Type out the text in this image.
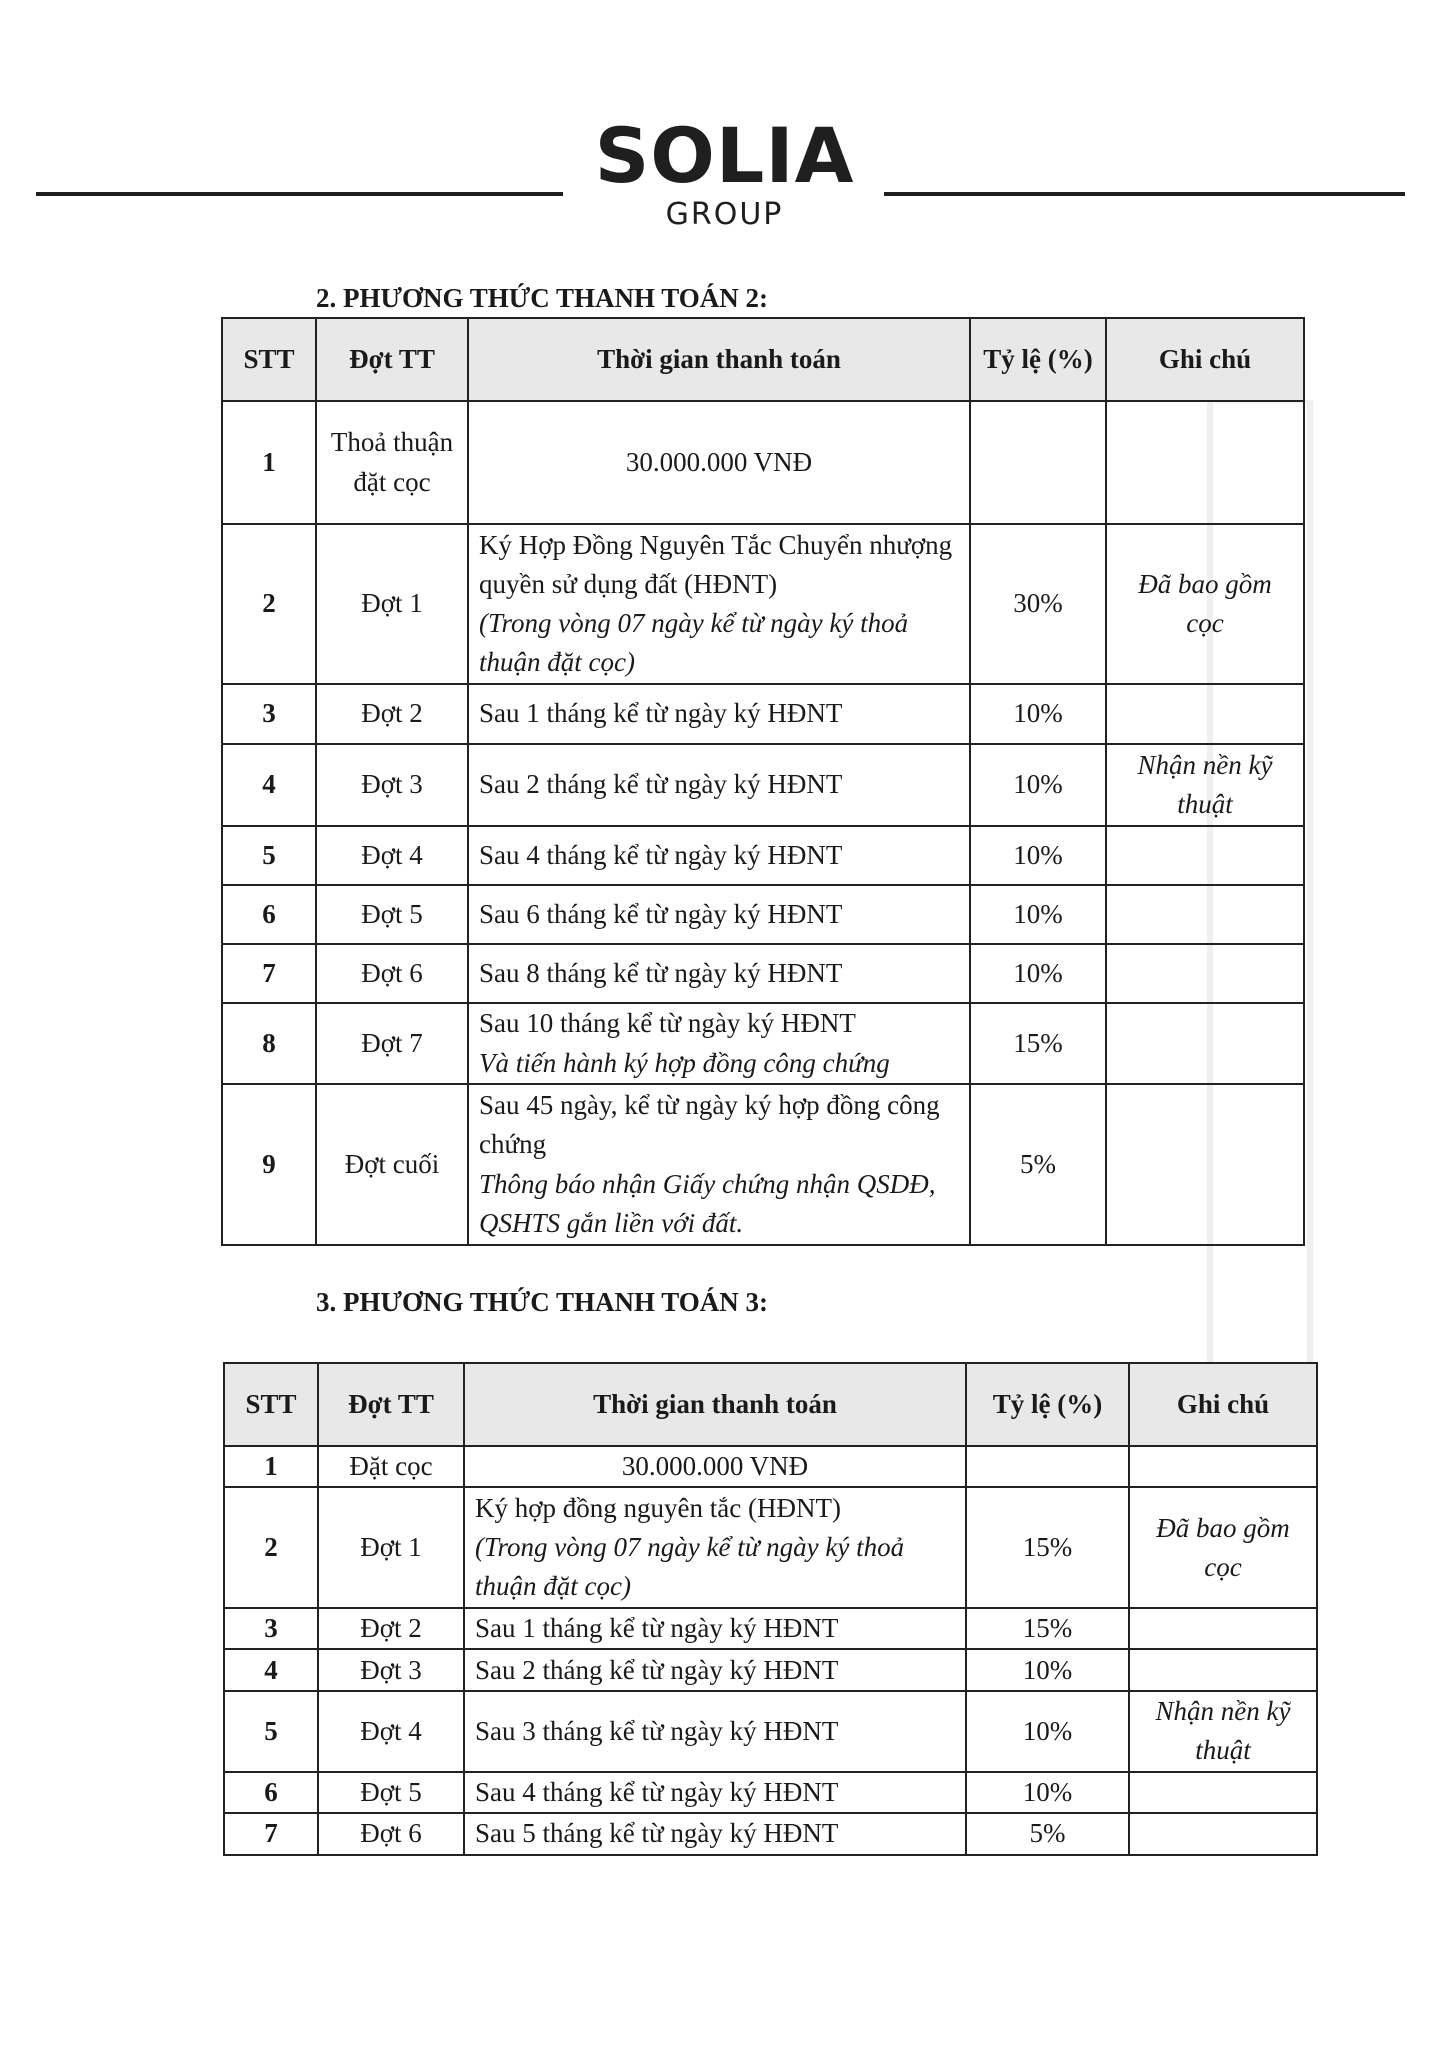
SOLIA
GROUP
2. PHƯƠNG THỨC THANH TOÁN 2:
STT	Đợt TT	Thời gian thanh toán	Tỷ lệ (%)	Ghi chú
1	Thoả thuận đặt cọc	30.000.000 VNĐ		

2	Đợt 1	Ký Hợp Đồng Nguyên Tắc Chuyển nhượng quyền sử dụng đất (HĐNT)
(Trong vòng 07 ngày kể từ ngày ký thoả thuận đặt cọc)	30%	Đã bao gồm cọc
3	Đợt 2	Sau 1 tháng kể từ ngày ký HĐNT	10%	
4	Đợt 3	Sau 2 tháng kể từ ngày ký HĐNT	10%	Nhận nền kỹ thuật
5	Đợt 4	Sau 4 tháng kể từ ngày ký HĐNT	10%	
6	Đợt 5	Sau 6 tháng kể từ ngày ký HĐNT	10%	
7	Đợt 6	Sau 8 tháng kể từ ngày ký HĐNT	10%	
8	Đợt 7	Sau 10 tháng kể từ ngày ký HĐNT
Và tiến hành ký hợp đồng công chứng	15%	
9	Đợt cuối	Sau 45 ngày, kể từ ngày ký hợp đồng công chứng
Thông báo nhận Giấy chứng nhận QSDĐ, QSHTS gắn liền với đất.	5%	
3. PHƯƠNG THỨC THANH TOÁN 3:
STT	Đợt TT	Thời gian thanh toán	Tỷ lệ (%)	Ghi chú
1	Đặt cọc	30.000.000 VNĐ		

2	Đợt 1	Ký hợp đồng nguyên tắc (HĐNT)
(Trong vòng 07 ngày kể từ ngày ký thoả thuận đặt cọc)	15%	Đã bao gồm cọc
3	Đợt 2	Sau 1 tháng kể từ ngày ký HĐNT	15%	
4	Đợt 3	Sau 2 tháng kể từ ngày ký HĐNT	10%	
5	Đợt 4	Sau 3 tháng kể từ ngày ký HĐNT	10%	Nhận nền kỹ thuật
6	Đợt 5	Sau 4 tháng kể từ ngày ký HĐNT	10%	
7	Đợt 6	Sau 5 tháng kể từ ngày ký HĐNT	5%	
